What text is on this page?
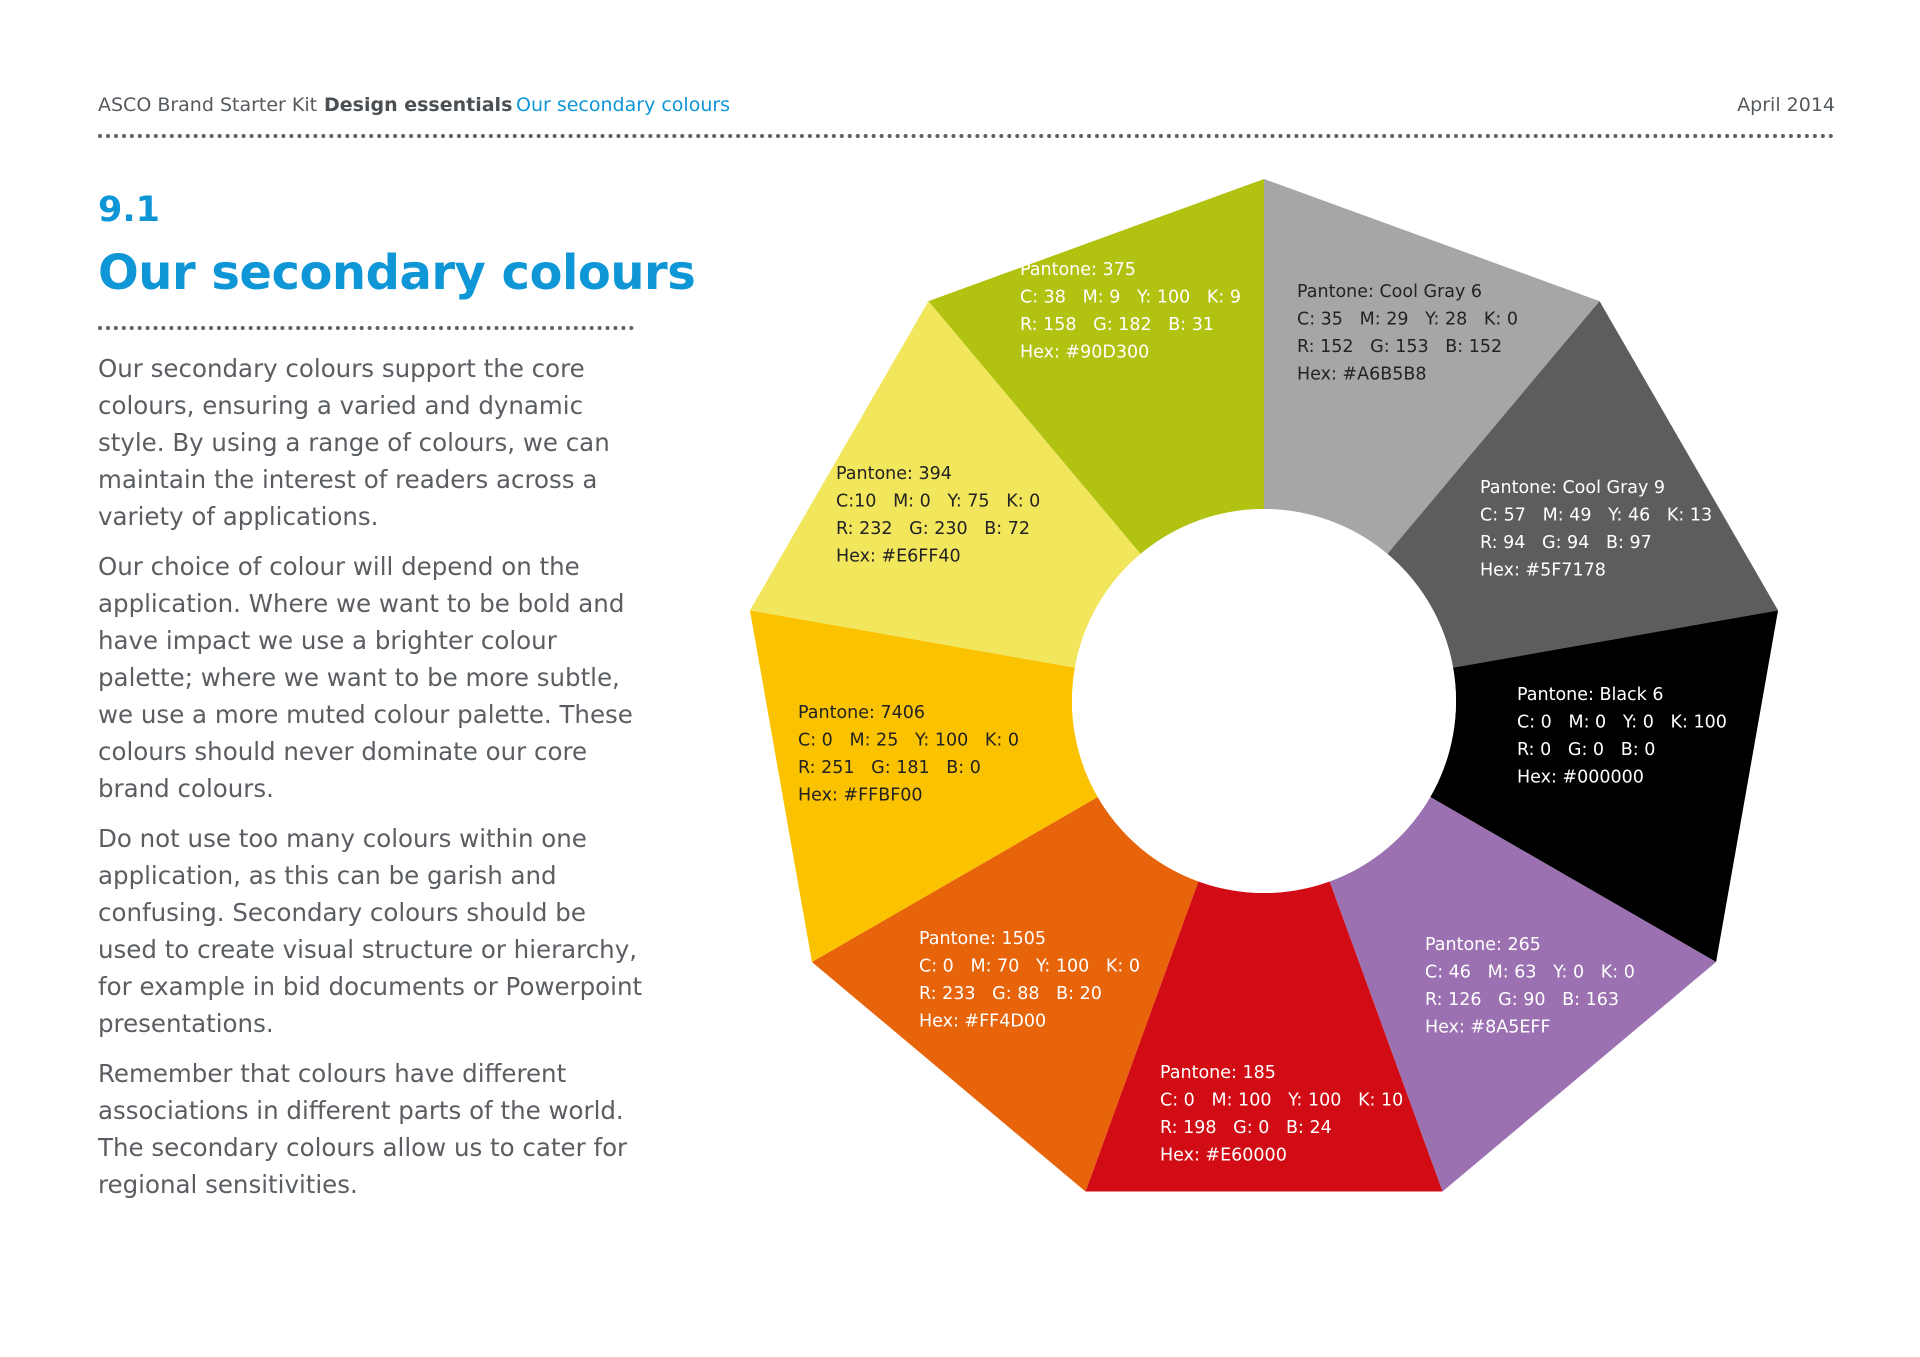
ASCO Brand Starter Kit Design essentials Our secondary colours	April 2014
9.1
Our secondary colours

Our secondary colours support the core colours, ensuring a varied and dynamic style. By using a range of colours, we can maintain the interest of readers across a variety of applications.

Our choice of colour will depend on the application. Where we want to be bold and have impact we use a brighter colour palette; where we want to be more subtle, we use a more muted colour palette. These colours should never dominate our core brand colours.

Do not use too many colours within one application, as this can be garish and confusing. Secondary colours should be used to create visual structure or hierarchy, for example in bid documents or Powerpoint presentations.

Remember that colours have different associations in different parts of the world. The secondary colours allow us to cater for regional sensitivities.

Pantone: Cool Gray 6 C: 35   M: 29   Y: 28   K: 0 R: 152   G: 153   B: 152 Hex: #A6B5B8
Pantone: Cool Gray 9 C: 57   M: 49   Y: 46   K: 13 R: 94   G: 94   B: 97 Hex: #5F7178
Pantone: Black 6 C: 0   M: 0   Y: 0   K: 100 R: 0   G: 0   B: 0 Hex: #000000
Pantone: 265 C: 46   M: 63   Y: 0   K: 0 R: 126   G: 90   B: 163 Hex: #8A5EFF
Pantone: 185 C: 0   M: 100   Y: 100   K: 10 R: 198   G: 0   B: 24 Hex: #E60000
Pantone: 1505 C: 0   M: 70   Y: 100   K: 0 R: 233   G: 88   B: 20 Hex: #FF4D00
Pantone: 7406 C: 0   M: 25   Y: 100   K: 0 R: 251   G: 181   B: 0 Hex: #FFBF00
Pantone: 394 C:10   M: 0   Y: 75   K: 0 R: 232   G: 230   B: 72 Hex: #E6FF40
Pantone: 375 C: 38   M: 9   Y: 100   K: 9 R: 158   G: 182   B: 31 Hex: #90D300
